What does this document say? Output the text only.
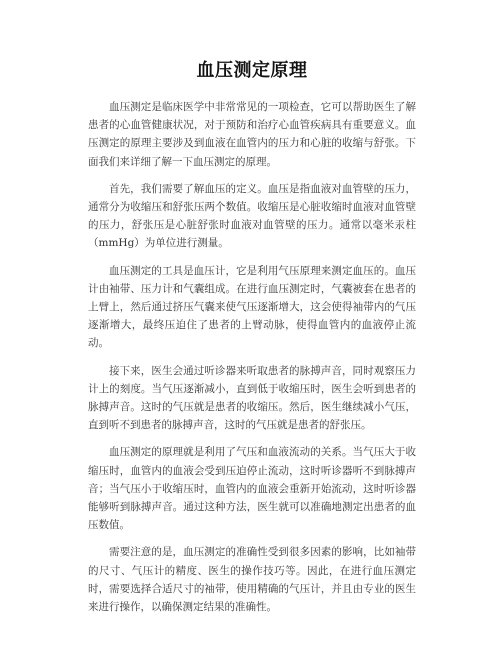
血压测定原理

血压测定是临床医学中非常常见的一项检查，它可以帮助医生了解患者的心血管健康状况，对于预防和治疗心血管疾病具有重要意义。血压测定的原理主要涉及到血液在血管内的压力和心脏的收缩与舒张。下面我们来详细了解一下血压测定的原理。

首先，我们需要了解血压的定义。血压是指血液对血管壁的压力，通常分为收缩压和舒张压两个数值。收缩压是心脏收缩时血液对血管壁的压力，舒张压是心脏舒张时血液对血管壁的压力。通常以毫米汞柱（mmHg）为单位进行测量。

血压测定的工具是血压计，它是利用气压原理来测定血压的。血压计由袖带、压力计和气囊组成。在进行血压测定时，气囊被套在患者的上臂上，然后通过挤压气囊来使气压逐渐增大，这会使得袖带内的气压逐渐增大，最终压迫住了患者的上臂动脉，使得血管内的血液停止流动。

接下来，医生会通过听诊器来听取患者的脉搏声音，同时观察压力计上的刻度。当气压逐渐减小，直到低于收缩压时，医生会听到患者的脉搏声音。这时的气压就是患者的收缩压。然后，医生继续减小气压，直到听不到患者的脉搏声音，这时的气压就是患者的舒张压。

血压测定的原理就是利用了气压和血液流动的关系。当气压大于收缩压时，血管内的血液会受到压迫停止流动，这时听诊器听不到脉搏声音；当气压小于收缩压时，血管内的血液会重新开始流动，这时听诊器能够听到脉搏声音。通过这种方法，医生就可以准确地测定出患者的血压数值。

需要注意的是，血压测定的准确性受到很多因素的影响，比如袖带的尺寸、气压计的精度、医生的操作技巧等。因此，在进行血压测定时，需要选择合适尺寸的袖带，使用精确的气压计，并且由专业的医生来进行操作，以确保测定结果的准确性。
